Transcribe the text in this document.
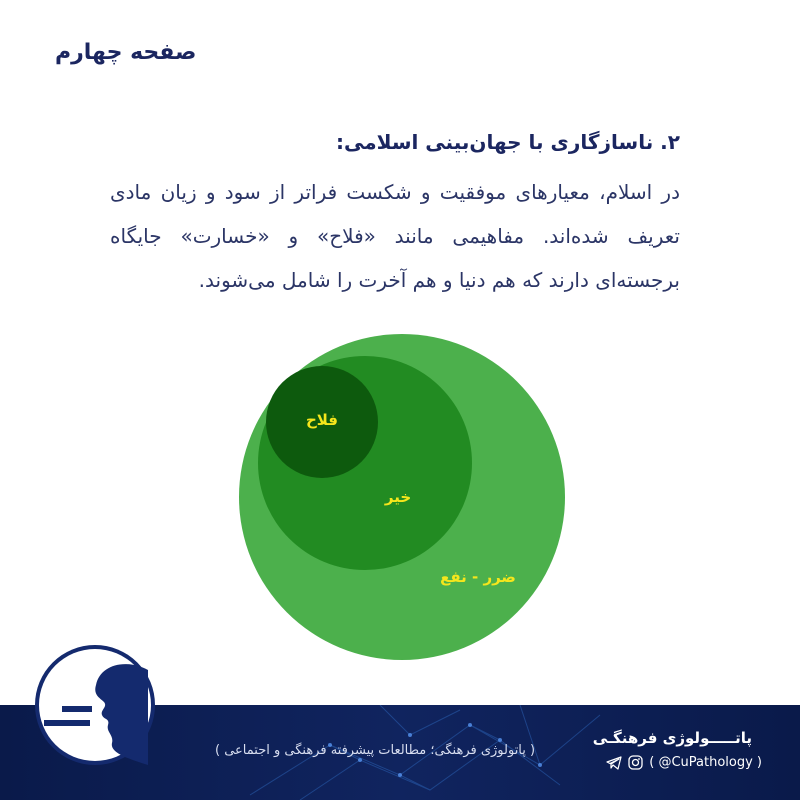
صفحه چهارم
۲. ناسازگاری با جهان‌بینی اسلامی:
در اسلام، معیارهای موفقیت و شکست فراتر از سود و زیان مادی تعریف شده‌اند. مفاهیمی مانند «فلاح» و «خسارت» جایگاه برجسته‌ای دارند که هم دنیا و هم آخرت را شامل می‌شوند.
ضرر - نفع
خیر
فلاح
( پاتولوژی فرهنگی؛ مطالعات پیشرفته فرهنگی و اجتماعی )
پاتـــــولوژی فرهنگـی
( @CuPathology )
